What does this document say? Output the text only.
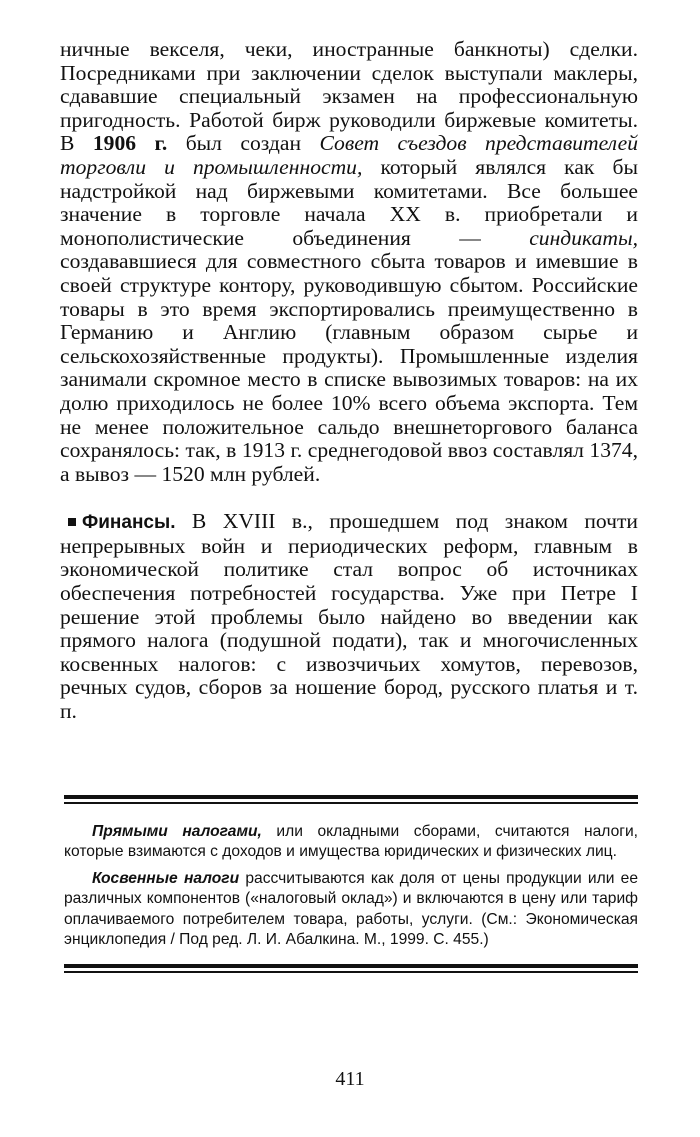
ничные векселя, чеки, иностранные банкноты) сделки. Посредниками при заключении сделок выступали маклеры, сдававшие специальный экзамен на профессиональную пригодность. Работой бирж руководили биржевые комитеты. В 1906 г. был создан Совет съездов представителей торговли и промышленности, который являлся как бы надстройкой над биржевыми комитетами. Все большее значение в торговле начала XX в. приобретали и монополистические объединения — синдикаты, создававшиеся для совместного сбыта товаров и имевшие в своей структуре контору, руководившую сбытом. Российские товары в это время экспортировались преимущественно в Германию и Англию (главным образом сырье и сельскохозяйственные продукты). Промышленные изделия занимали скромное место в списке вывозимых товаров: на их долю приходилось не более 10% всего объема экспорта. Тем не менее положительное сальдо внешнеторгового баланса сохранялось: так, в 1913 г. среднегодовой ввоз составлял 1374, а вывоз — 1520 млн рублей.

Финансы. В XVIII в., прошедшем под знаком почти непрерывных войн и периодических реформ, главным в экономической политике стал вопрос об источниках обеспечения потребностей государства. Уже при Петре I решение этой проблемы было найдено во введении как прямого налога (подушной подати), так и многочисленных косвенных налогов: с извозчичьих хомутов, перевозов, речных судов, сборов за ношение бород, русского платья и т. п.

Прямыми налогами, или окладными сборами, считаются налоги, которые взимаются с доходов и имущества юридических и физических лиц.

Косвенные налоги рассчитываются как доля от цены продукции или ее различных компонентов («налоговый оклад») и включаются в цену или тариф оплачиваемого потребителем товара, работы, услуги. (См.: Экономическая энциклопедия / Под ред. Л. И. Абалкина. М., 1999. С. 455.)

411
